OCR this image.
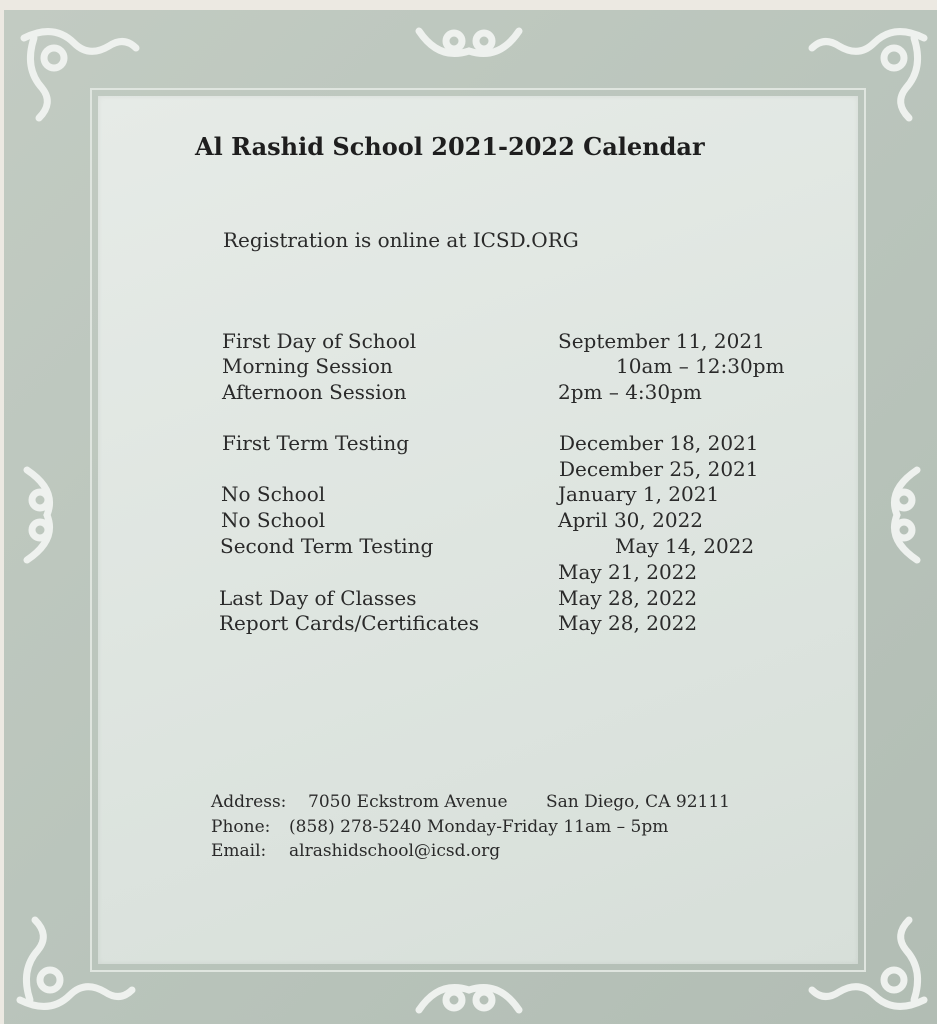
Al Rashid School 2021-2022 Calendar
Registration is online at ICSD.ORG
First Day of School
Morning Session
Afternoon Session
First Term Testing
No School
No School
Second Term Testing
Last Day of Classes
Report Cards/Certificates
September 11, 2021
10am – 12:30pm
2pm – 4:30pm
December 18, 2021
December 25, 2021
January 1, 2021
April 30, 2022
May 14, 2022
May 21, 2022
May 28, 2022
May 28, 2022
Address: 7050 Eckstrom Avenue San Diego, CA 92111
Phone: (858) 278-5240 Monday-Friday 11am – 5pm
Email: alrashidschool@icsd.org
